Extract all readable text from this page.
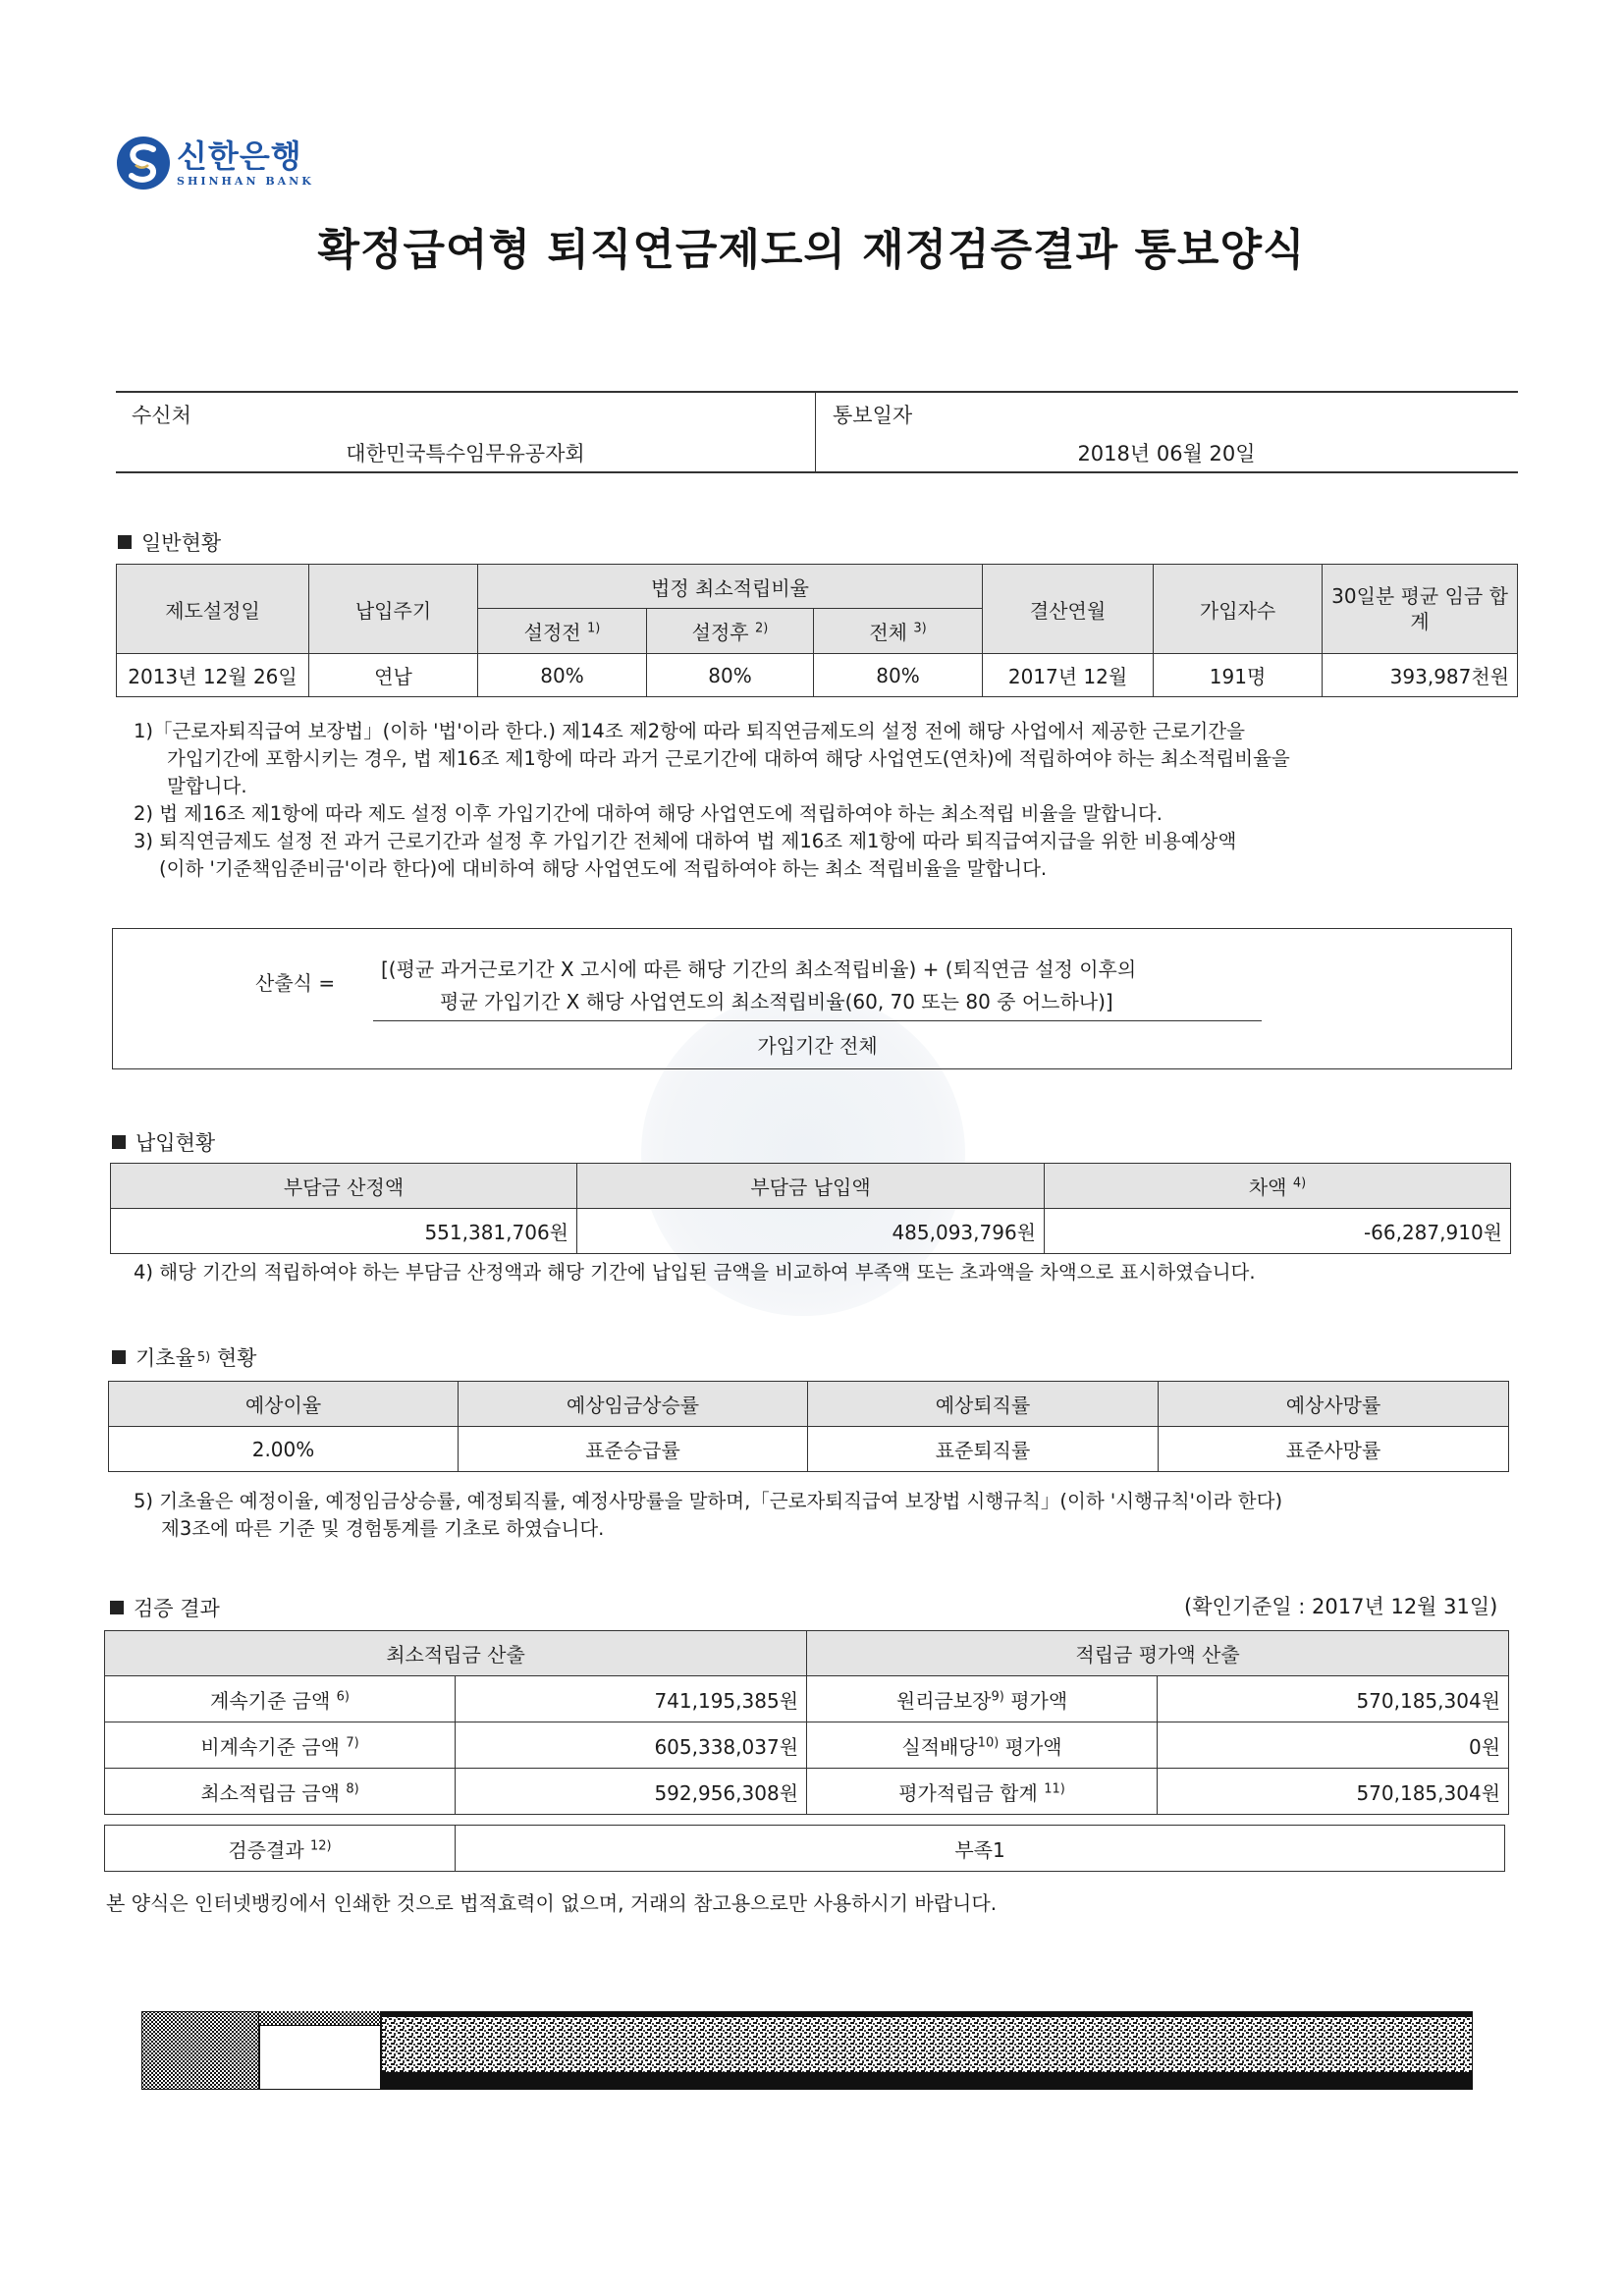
신한은행
SHINHAN BANK
확정급여형 퇴직연금제도의 재정검증결과 통보양식
수신처
대한민국특수임무유공자회
통보일자
2018년 06월 20일
일반현황
제도설정일	납입주기	법정 최소적립비율			결산연월	가입자수	30일분 평균 임금 합계
		설정전 $^{1)}$	설정후 $^{2)}$	전체 $^{3)}$
2013년 12월 26일	연납	80%	80%	80%	2017년 12월	191명	393,987천원
1)「근로자퇴직급여 보장법」(이하 '법'이라 한다.) 제14조 제2항에 따라 퇴직연금제도의 설정 전에 해당 사업에서 제공한 근로기간을
가입기간에 포함시키는 경우, 법 제16조 제1항에 따라 과거 근로기간에 대하여 해당 사업연도(연차)에 적립하여야 하는 최소적립비율을
말합니다.
2) 법 제16조 제1항에 따라 제도 설정 이후 가입기간에 대하여 해당 사업연도에 적립하여야 하는 최소적립 비율을 말합니다.
3) 퇴직연금제도 설정 전 과거 근로기간과 설정 후 가입기간 전체에 대하여 법 제16조 제1항에 따라 퇴직급여지급을 위한 비용예상액
(이하 '기준책임준비금'이라 한다)에 대비하여 해당 사업연도에 적립하여야 하는 최소 적립비율을 말합니다.
산출식 =
[(평균 과거근로기간 X 고시에 따른 해당 기간의 최소적립비율) + (퇴직연금 설정 이후의
평균 가입기간 X 해당 사업연도의 최소적립비율(60, 70 또는 80 중 어느하나)]
가입기간 전체
납입현황
부담금 산정액	부담금 납입액	차액 $^{4)}$
551,381,706원	485,093,796원	-66,287,910원
4) 해당 기간의 적립하여야 하는 부담금 산정액과 해당 기간에 납입된 금액을 비교하여 부족액 또는 초과액을 차액으로 표시하였습니다.
기초율 5)
현황
예상이율	예상임금상승률	예상퇴직률	예상사망률
2.00%	표준승급률	표준퇴직률	표준사망률
5) 기초율은 예정이율, 예정임금상승률, 예정퇴직률, 예정사망률을 말하며,「근로자퇴직급여 보장법 시행규칙」(이하 '시행규칙'이라 한다)
제3조에 따른 기준 및 경험통계를 기초로 하였습니다.
검증 결과	(확인기준일 : 2017년 12월 31일)
최소적립금 산출		적립금 평가액 산출	
계속기준 금액 $^{6)}$	741,195,385원	원리금보장$^{9)}$ 평가액	570,185,304원
비계속기준 금액 $^{7)}$	605,338,037원	실적배당$^{10)}$ 평가액	0원
최소적립금 금액 $^{8)}$	592,956,308원	평가적립금 합계 $^{11)}$	570,185,304원
검증결과 $^{12)}$	부족1
본 양식은 인터넷뱅킹에서 인쇄한 것으로 법적효력이 없으며, 거래의 참고용으로만 사용하시기 바랍니다.
